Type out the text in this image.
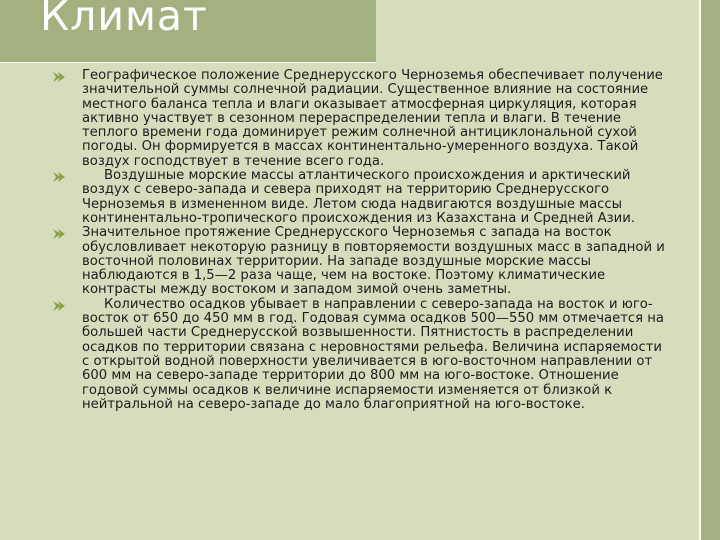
Климат
Географическое положение Среднерусского Черноземья обеспечивает получение значительной суммы солнечной радиации. Существенное влияние на состояние местного баланса тепла и влаги оказывает атмосферная циркуляция, которая активно участвует в сезонном перераспределении тепла и влаги. В течение теплого времени года доминирует режим солнечной антициклональной сухой погоды. Он формируется в массах континентально-умеренного воздуха. Такой воздух господствует в течение всего года.
Воздушные морские массы атлантического происхождения и арктический воздух с северо-запада и севера приходят на территорию Среднерусского Черноземья в измененном виде. Летом сюда надвигаются воздушные массы континентально-тропического происхождения из Казахстана и Средней Азии.
Значительное протяжение Среднерусского Черноземья с запада на восток обусловливает некоторую разницу в повторяемости воздушных масс в западной и восточной половинах территории. На западе воздушные морские массы наблюдаются в 1,5—2 раза чаще, чем на востоке. Поэтому климатические контрасты между востоком и западом зимой очень заметны.
Количество осадков убывает в направлении с северо-запада на восток и юго-восток от 650 до 450 мм в год. Годовая сумма осадков 500—550 мм отмечается на большей части Среднерусской возвышенности. Пятнистость в распределении осадков по территории связана с неровностями рельефа. Величина испаряемости с открытой водной поверхности увеличивается в юго-восточном направлении от 600 мм на северо-западе территории до 800 мм на юго-востоке. Отношение годовой суммы осадков к величине испаряемости изменяется от близкой к нейтральной на северо-западе до мало благоприятной на юго-востоке.
